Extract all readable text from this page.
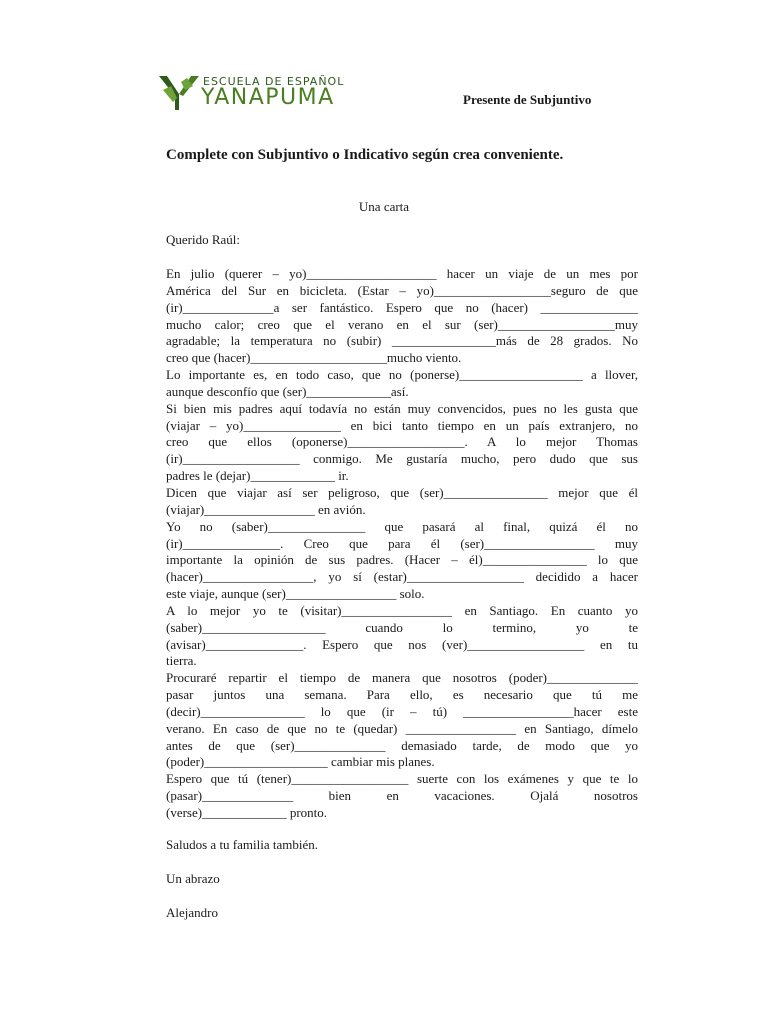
ESCUELA DE ESPAÑOL
YANAPUMA	Presente de Subjuntivo
Complete con Subjuntivo o Indicativo según crea conveniente.
Una carta
Querido Raúl:
En julio (querer – yo)____________________ hacer un viaje de un mes por
América del Sur en bicicleta. (Estar – yo)__________________seguro de que
(ir)______________a ser fantástico. Espero que no (hacer) _______________
mucho calor; creo que el verano en el sur (ser)__________________muy
agradable; la temperatura no (subir) ________________más de 28 grados. No
creo que (hacer)_____________________mucho viento.
Lo importante es, en todo caso, que no (ponerse)___________________ a llover,
aunque desconfío que (ser)_____________así.
Si bien mis padres aquí todavía no están muy convencidos, pues no les gusta que
(viajar – yo)_______________ en bici tanto tiempo en un país extranjero, no
creo que ellos (oponerse)__________________. A lo mejor Thomas
(ir)__________________ conmigo. Me gustaría mucho, pero dudo que sus
padres le (dejar)_____________ ir.
Dicen que viajar así ser peligroso, que (ser)________________ mejor que él
(viajar)_________________ en avión.
Yo no (saber)_______________ que pasará al final, quizá él no
(ir)_______________. Creo que para él (ser)_________________ muy
importante la opinión de sus padres. (Hacer – él)________________ lo que
(hacer)_________________, yo sí (estar)__________________ decidido a hacer
este viaje, aunque (ser)_________________ solo.
A lo mejor yo te (visitar)_________________ en Santiago. En cuanto yo
(saber)___________________ cuando lo termino, yo te
(avisar)_______________. Espero que nos (ver)__________________ en tu
tierra.
Procuraré repartir el tiempo de manera que nosotros (poder)______________
pasar juntos una semana. Para ello, es necesario que tú me
(decir)________________ lo que (ir – tú) _________________hacer este
verano. En caso de que no te (quedar) _________________ en Santiago, dímelo
antes de que (ser)______________ demasiado tarde, de modo que yo
(poder)___________________ cambiar mis planes.
Espero que tú (tener)__________________ suerte con los exámenes y que te lo
(pasar)______________ bien en vacaciones. Ojalá nosotros
(verse)_____________ pronto.
Saludos a tu familia también.
Un abrazo
Alejandro
